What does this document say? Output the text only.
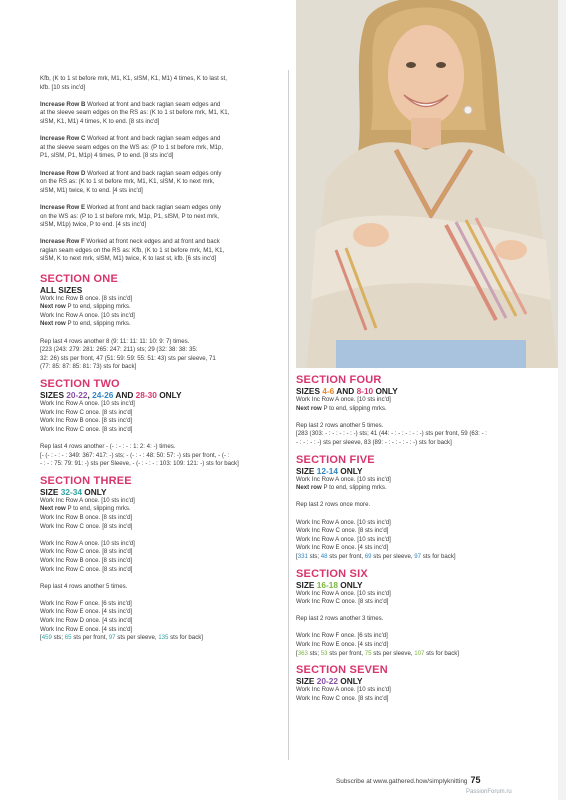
Kfb, (K to 1 st before mrk, M1, K1, slSM, K1, M1) 4 times, K to last st,
kfb. [10 sts inc'd]
Increase Row B Worked at front and back raglan seam edges and
at the sleeve seam edges on the RS as: (K to 1 st before mrk, M1, K1,
slSM, K1, M1) 4 times, K to end. [8 sts inc'd]
Increase Row C Worked at front and back raglan seam edges and
at the sleeve seam edges on the WS as: (P to 1 st before mrk, M1p,
P1, slSM, P1, M1p) 4 times, P to end. [8 sts inc'd]
Increase Row D Worked at front and back raglan seam edges only
on the RS as: (K to 1 st before mrk, M1, K1, slSM, K to next mrk,
slSM, M1) twice, K to end. [4 sts inc'd]
Increase Row E Worked at front and back raglan seam edges only
on the WS as: (P to 1 st before mrk, M1p, P1, slSM, P to next mrk,
slSM, M1p) twice, P to end. [4 sts inc'd]
Increase Row F Worked at front neck edges and at front and back
raglan seam edges on the RS as: Kfb, (K to 1 st before mrk, M1, K1,
slSM, K to next mrk, slSM, M1) twice, K to last st, kfb. [6 sts inc'd]
SECTION ONE
ALL SIZES
Work Inc Row B once. [8 sts inc'd]
Next row P to end, slipping mrks.
Work Inc Row A once. [10 sts inc'd]
Next row P to end, slipping mrks.
Rep last 4 rows another 8 (9: 11: 11: 11: 10: 9: 7) times.
[223 (243: 279: 281: 265: 247: 211) sts; 29 (32: 38: 38: 35:
32: 26) sts per front, 47 (51: 59: 59: 55: 51: 43) sts per sleeve, 71
(77: 85: 87: 85: 81: 73) sts for back]
SECTION TWO
SIZES 20-22, 24-26 AND 28-30 ONLY
Work Inc Row A once. [10 sts inc'd]
Work Inc Row C once. [8 sts inc'd]
Work Inc Row B once. [8 sts inc'd]
Work Inc Row C once. [8 sts inc'd]
Rep last 4 rows another - (- : - : - : 1: 2: 4: -) times.
[- (- : - : - : 349: 367: 417: -) sts; - (- : - : 48: 50: 57: -) sts per front, - (- :
- : - : 75: 79: 91: -) sts per Sleeve, - (- : - : - : 103: 109: 121: -) sts for back]
SECTION THREE
SIZE 32-34 ONLY
Work Inc Row A once. [10 sts inc'd]
Next row P to end, slipping mrks.
Work Inc Row B once. [8 sts inc'd]
Work Inc Row C once. [8 sts inc'd]
Work Inc Row A once. [10 sts inc'd]
Work Inc Row C once. [8 sts inc'd]
Work Inc Row B once. [8 sts inc'd]
Work Inc Row C once. [8 sts inc'd]
Rep last 4 rows another 5 times.
Work Inc Row F once. [6 sts inc'd]
Work Inc Row E once. [4 sts inc'd]
Work Inc Row D once. [4 sts inc'd]
Work Inc Row E once. [4 sts inc'd]
[459 sts; 65 sts per front, 97 sts per sleeve, 135 sts for back]
SECTION FOUR
SIZES 4-6 AND 8-10 ONLY
Work Inc Row A once. [10 sts inc'd]
Next row P to end, slipping mrks.
Rep last 2 rows another 5 times.
[283 (303: - : - : - : - : -) sts; 41 (44: - : - : - : - : -) sts per front, 59 (63: - :
- : - : - : -) sts per sleeve, 83 (89: - : - : - : - : -) sts for back]
SECTION FIVE
SIZE 12-14 ONLY
Work Inc Row A once. [10 sts inc'd]
Next row P to end, slipping mrks.
Rep last 2 rows once more.
Work Inc Row A once. [10 sts inc'd]
Work Inc Row C once. [8 sts inc'd]
Work Inc Row A once. [10 sts inc'd]
Work Inc Row E once. [4 sts inc'd]
[331 sts; 48 sts per front, 69 sts per sleeve, 97 sts for back]
SECTION SIX
SIZE 16-18 ONLY
Work Inc Row A once. [10 sts inc'd]
Work Inc Row C once. [8 sts inc'd]
Rep last 2 rows another 3 times.
Work Inc Row F once. [6 sts inc'd]
Work Inc Row E once. [4 sts inc'd]
[363 sts; 53 sts per front, 75 sts per sleeve, 107 sts for back]
SECTION SEVEN
SIZE 20-22 ONLY
Work Inc Row A once. [10 sts inc'd]
Work Inc Row C once. [8 sts inc'd]
Subscribe at www.gathered.how/simplyknitting 75
PassionForum.ru
